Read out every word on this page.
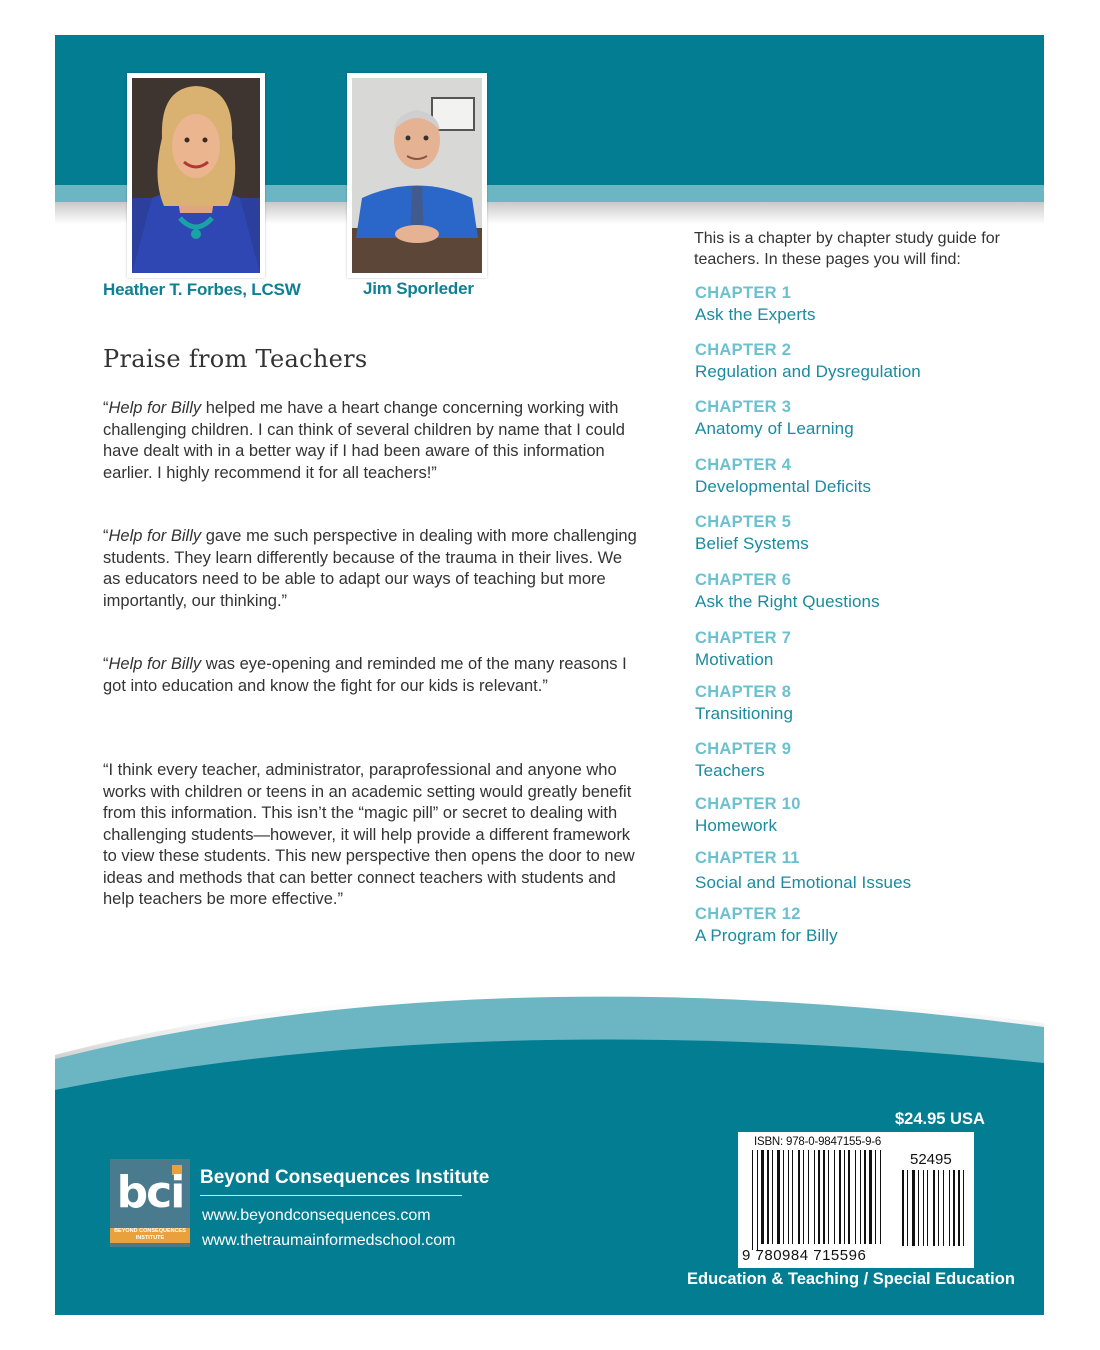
Heather T. Forbes, LCSW	Jim Sporleder
Praise from Teachers
“Help for Billy helped me have a heart change concerning working with challenging children. I can think of several children by name that I could have dealt with in a better way if I had been aware of this information earlier. I highly recommend it for all teachers!”
“Help for Billy gave me such perspective in dealing with more challenging students. They learn differently because of the trauma in their lives. We as educators need to be able to adapt our ways of teaching but more importantly, our thinking.”
“Help for Billy was eye-opening and reminded me of the many reasons I got into education and know the fight for our kids is relevant.”
“I think every teacher, administrator, paraprofessional and anyone who works with children or teens in an academic setting would greatly benefit from this information. This isn’t the “magic pill” or secret to dealing with challenging students—however, it will help provide a different framework to view these students. This new perspective then opens the door to new ideas and methods that can better connect teachers with students and help teachers be more effective.”
This is a chapter by chapter study guide for teachers. In these pages you will find:
CHAPTER 1
Ask the Experts
CHAPTER 2
Regulation and Dysregulation
CHAPTER 3
Anatomy of Learning
CHAPTER 4
Developmental Deficits
CHAPTER 5
Belief Systems
CHAPTER 6
Ask the Right Questions
CHAPTER 7
Motivation
CHAPTER 8
Transitioning
CHAPTER 9
Teachers
CHAPTER 10
Homework
CHAPTER 11
Social and Emotional Issues
CHAPTER 12
A Program for Billy
bci
BEYOND CONSEQUENCES INSTITUTE
Beyond Consequences Institute
www.beyondconsequences.com
www.thetraumainformedschool.com
$24.95 USA
ISBN: 978-0-9847155-9-6
52495
9 780984 715596
Education & Teaching / Special Education
